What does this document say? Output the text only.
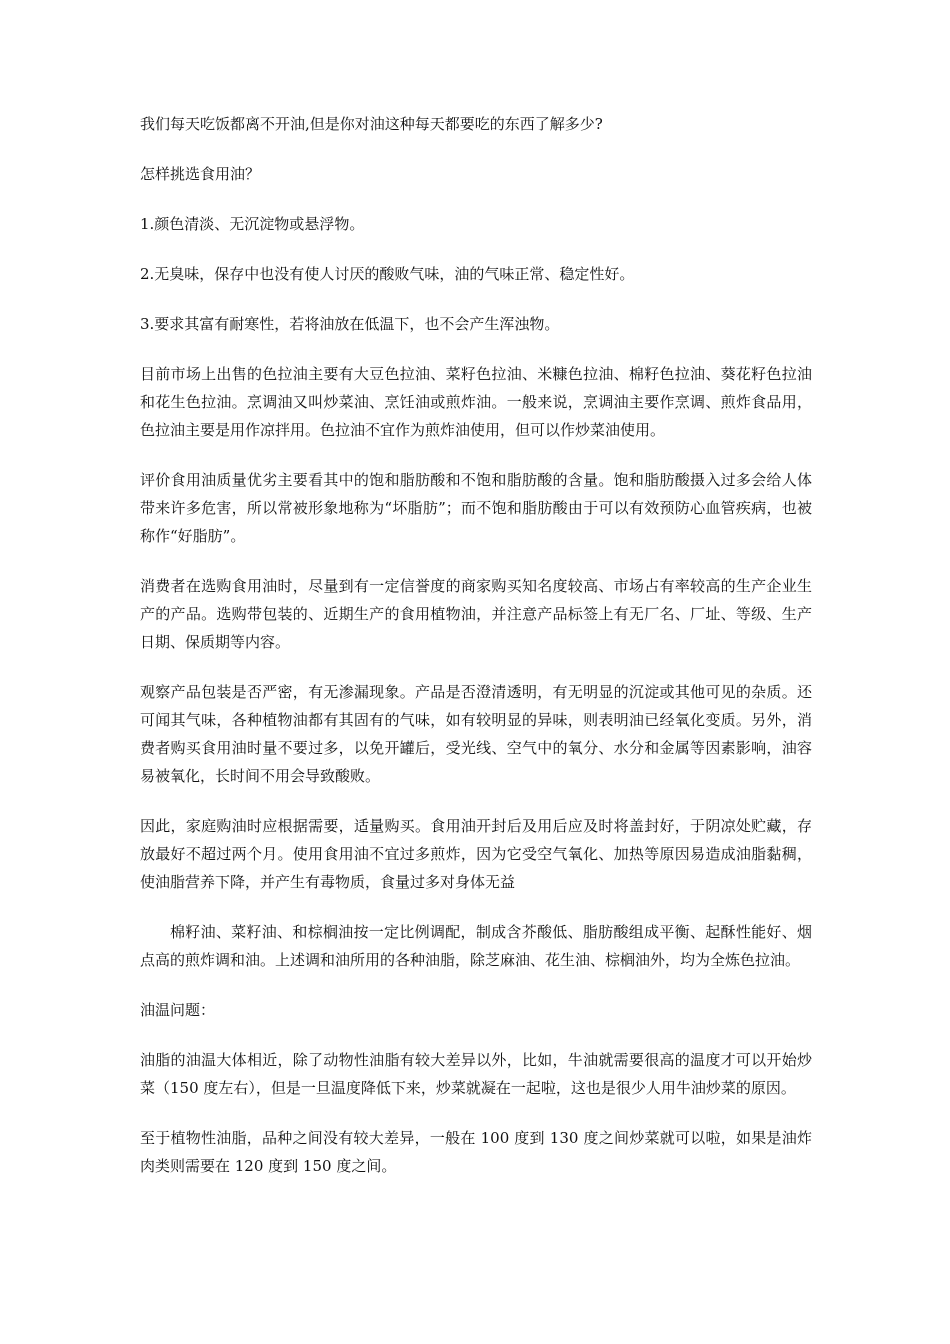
我们每天吃饭都离不开油,但是你对油这种每天都要吃的东西了解多少?

怎样挑选食用油？

1.颜色清淡、无沉淀物或悬浮物。

2.无臭味，保存中也没有使人讨厌的酸败气味，油的气味正常、稳定性好。

3.要求其富有耐寒性，若将油放在低温下，也不会产生浑浊物。

目前市场上出售的色拉油主要有大豆色拉油、菜籽色拉油、米糠色拉油、棉籽色拉油、葵花籽色拉油和花生色拉油。烹调油又叫炒菜油、烹饪油或煎炸油。一般来说，烹调油主要作烹调、煎炸食品用，色拉油主要是用作凉拌用。色拉油不宜作为煎炸油使用，但可以作炒菜油使用。

评价食用油质量优劣主要看其中的饱和脂肪酸和不饱和脂肪酸的含量。饱和脂肪酸摄入过多会给人体带来许多危害，所以常被形象地称为“坏脂肪”；而不饱和脂肪酸由于可以有效预防心血管疾病，也被称作“好脂肪”。

消费者在选购食用油时，尽量到有一定信誉度的商家购买知名度较高、市场占有率较高的生产企业生产的产品。选购带包装的、近期生产的食用植物油，并注意产品标签上有无厂名、厂址、等级、生产日期、保质期等内容。

观察产品包装是否严密，有无渗漏现象。产品是否澄清透明，有无明显的沉淀或其他可见的杂质。还可闻其气味，各种植物油都有其固有的气味，如有较明显的异味，则表明油已经氧化变质。另外，消费者购买食用油时量不要过多，以免开罐后，受光线、空气中的氧分、水分和金属等因素影响，油容易被氧化，长时间不用会导致酸败。

因此，家庭购油时应根据需要，适量购买。食用油开封后及用后应及时将盖封好，于阴凉处贮藏，存放最好不超过两个月。使用食用油不宜过多煎炸，因为它受空气氧化、加热等原因易造成油脂黏稠，使油脂营养下降，并产生有毒物质，食量过多对身体无益

棉籽油、菜籽油、和棕榈油按一定比例调配，制成含芥酸低、脂肪酸组成平衡、起酥性能好、烟点高的煎炸调和油。上述调和油所用的各种油脂，除芝麻油、花生油、棕榈油外，均为全炼色拉油。

油温问题：

油脂的油温大体相近，除了动物性油脂有较大差异以外，比如，牛油就需要很高的温度才可以开始炒菜（150 度左右），但是一旦温度降低下来，炒菜就凝在一起啦，这也是很少人用牛油炒菜的原因。

至于植物性油脂，品种之间没有较大差异，一般在 100 度到 130 度之间炒菜就可以啦，如果是油炸肉类则需要在 120 度到 150 度之间。
